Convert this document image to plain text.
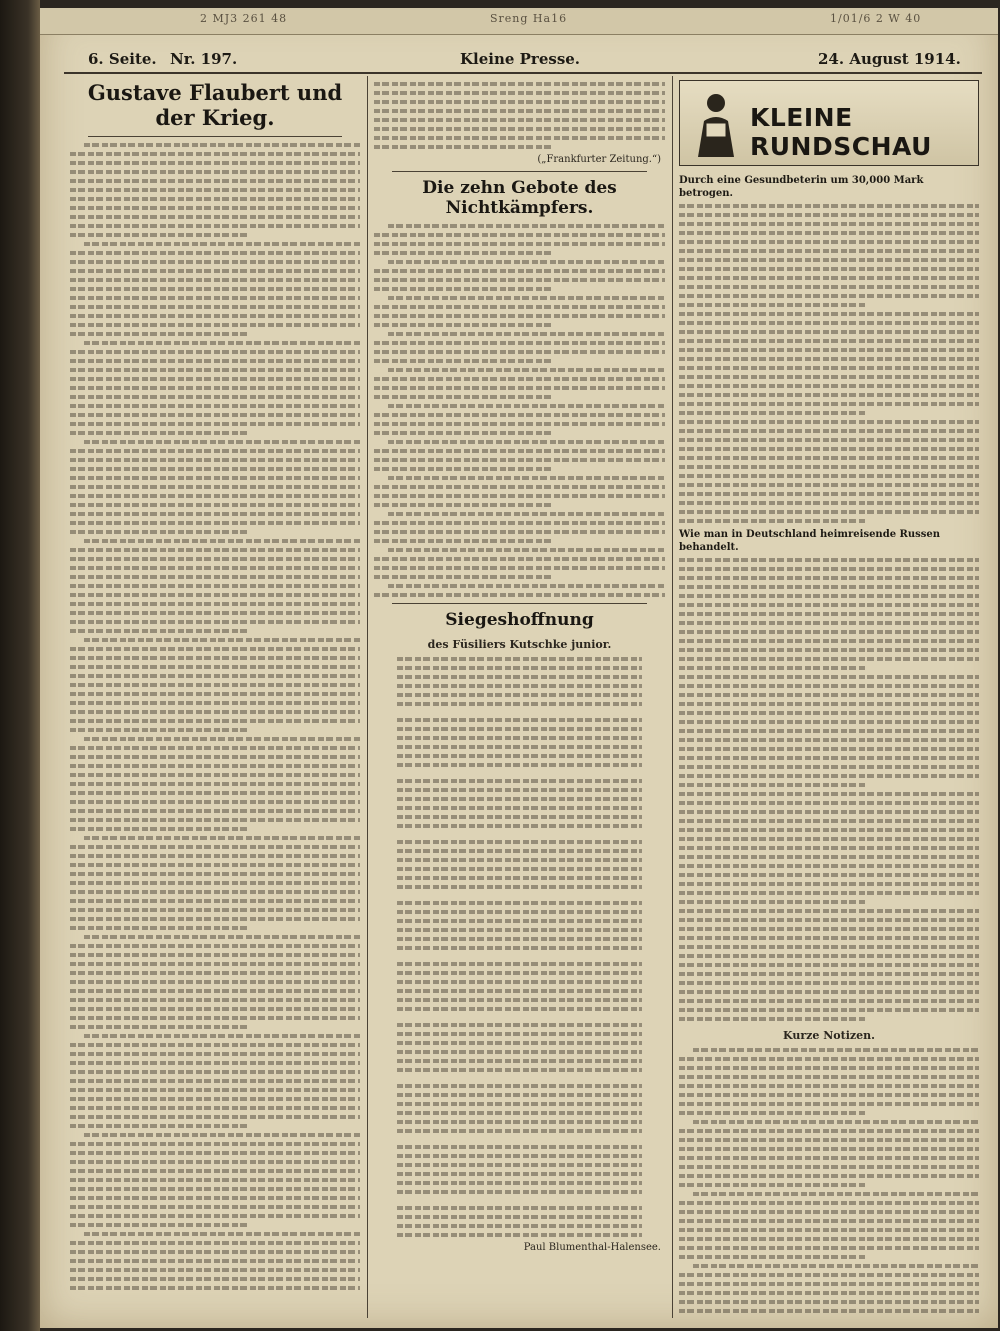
2 MJ3 261 48	Sreng Ha16	1/01/6 2 W 40
6. Seite. Nr. 197.	Kleine Presse.	24. August 1914.
Gustave Flaubert und der Krieg.
(„Frankfurter Zeitung.“)
Die zehn Gebote des Nichtkämpfers.
Siegeshoffnung
des Füsiliers Kutschke junior.
Paul Blumenthal-Halensee.
KLEINE RUNDSCHAU
Durch eine Gesundbeterin um 30,000 Mark betrogen.
Wie man in Deutschland heimreisende Russen behandelt.
Kurze Notizen.
